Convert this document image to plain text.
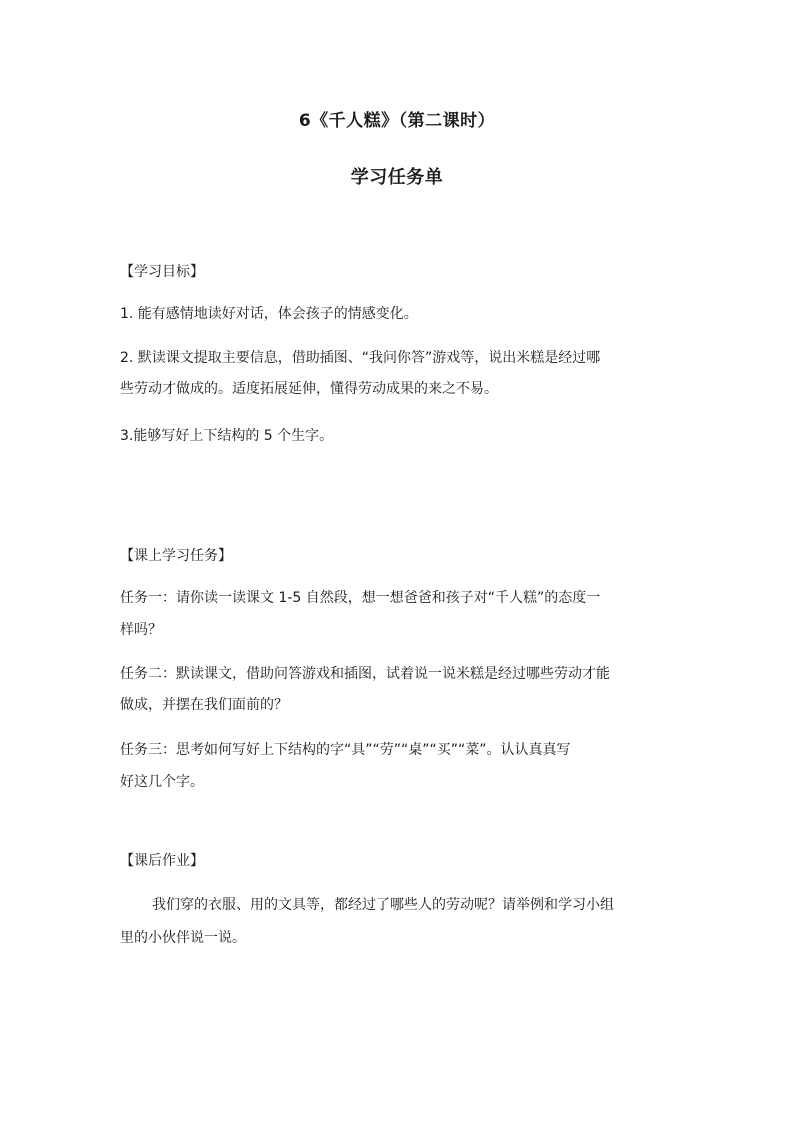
6《千人糕》（第二课时）
学习任务单
【学习目标】
1. 能有感情地读好对话，体会孩子的情感变化。
2. 默读课文提取主要信息，借助插图、“我问你答”游戏等，说出米糕是经过哪
些劳动才做成的。适度拓展延伸，懂得劳动成果的来之不易。
3.能够写好上下结构的 5 个生字。
【课上学习任务】
任务一：请你读一读课文 1-5 自然段，想一想爸爸和孩子对“千人糕”的态度一
样吗？
任务二：默读课文，借助问答游戏和插图，试着说一说米糕是经过哪些劳动才能
做成，并摆在我们面前的？
任务三：思考如何写好上下结构的字“具”“劳”“桌”“买”“菜”。认认真真写
好这几个字。
【课后作业】
我们穿的衣服、用的文具等，都经过了哪些人的劳动呢？请举例和学习小组
里的小伙伴说一说。
